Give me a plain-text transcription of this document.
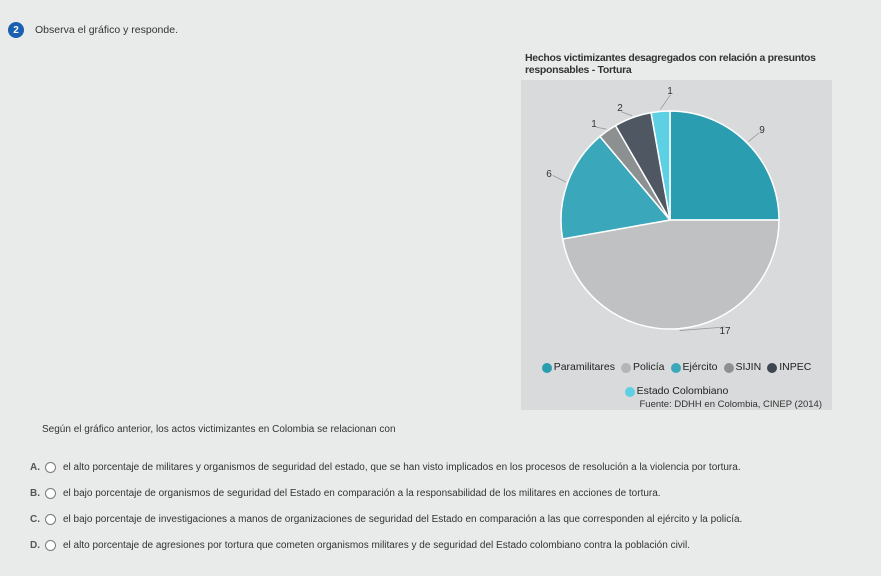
2	Observa el gráfico y responde.
Hechos victimizantes desagregados con relación a presuntos responsables - Tortura
9
17
6
1
2
1
Paramilitares Policía Ejército SIJIN INPEC
Estado Colombiano
Fuente: DDHH en Colombia, CINEP (2014)
Según el gráfico anterior, los actos victimizantes en Colombia se relacionan con
A.	el alto porcentaje de militares y organismos de seguridad del estado, que se han visto implicados en los procesos de resolución a la violencia por tortura.
B.	el bajo porcentaje de organismos de seguridad del Estado en comparación a la responsabilidad de los militares en acciones de tortura.
C.	el bajo porcentaje de investigaciones a manos de organizaciones de seguridad del Estado en comparación a las que corresponden al ejército y la policía.
D.	el alto porcentaje de agresiones por tortura que cometen organismos militares y de seguridad del Estado colombiano contra la población civil.
